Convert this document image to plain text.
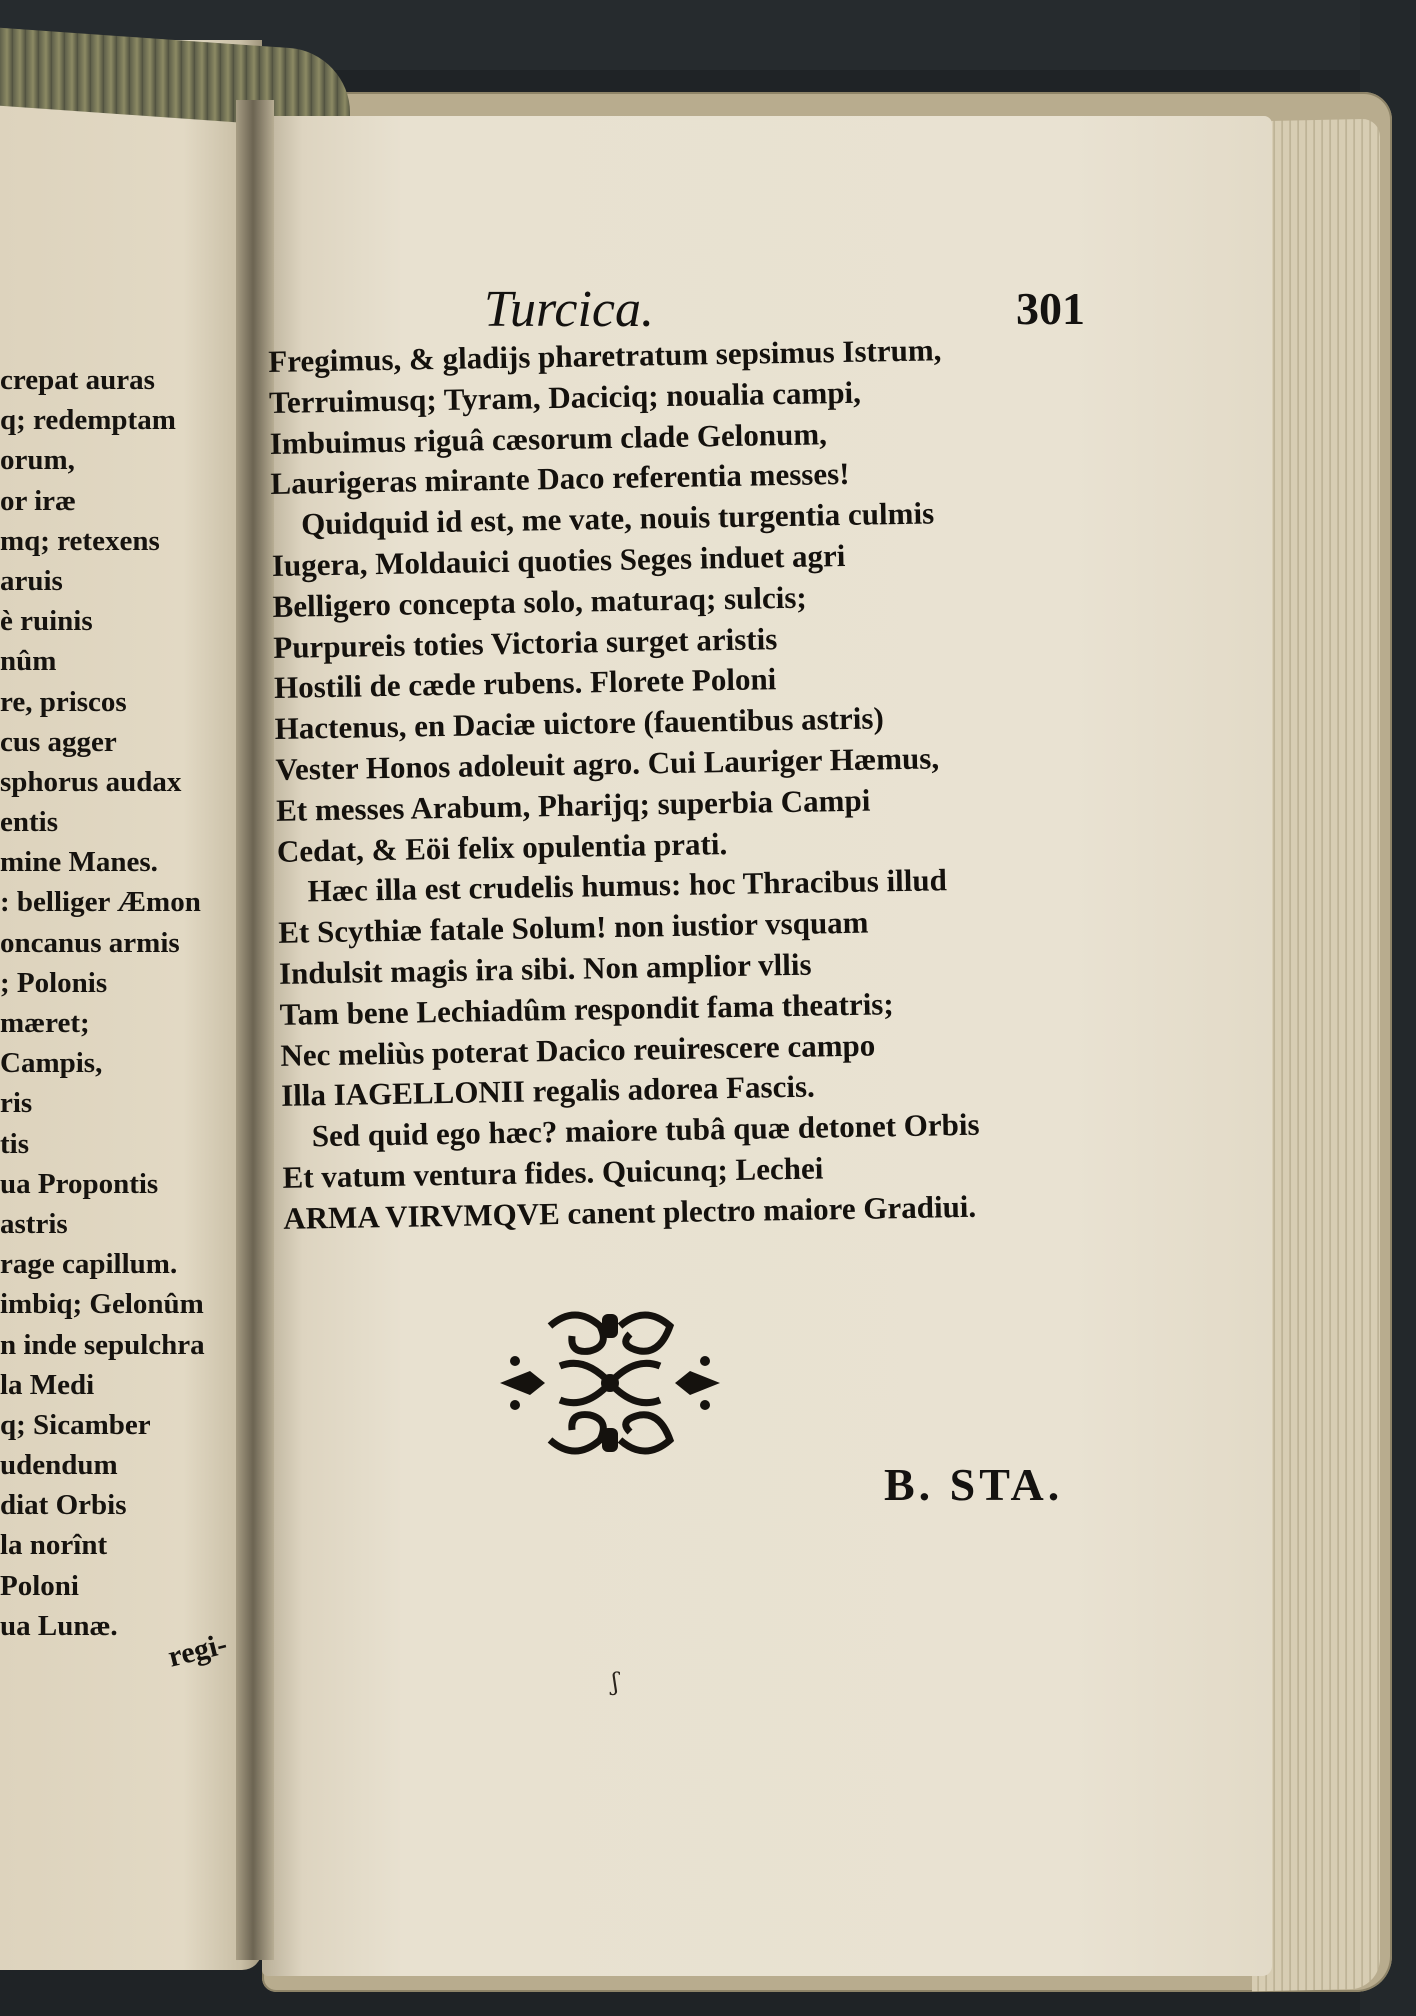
crepat auras
q; redemptam
orum,
or iræ
mq; retexens
aruis
è ruinis
nûm
re, priscos
cus agger
sphorus audax
entis
mine Manes.
: belliger Æmon
oncanus armis
; Polonis
mæret;
Campis,
ris
tis
ua Propontis
astris
rage capillum.
imbiq; Gelonûm
n inde sepulchra
la Medi
q; Sicamber
udendum
diat Orbis
la norînt
Poloni
ua Lunæ.
regi-
Turcica.	301
Fregimus, & gladijs pharetratum sepsimus Istrum,
Terruimusq; Tyram, Daciciq; noualia campi,
Imbuimus riguâ cæsorum clade Gelonum,
Laurigeras mirante Daco referentia messes!
Quidquid id est, me vate, nouis turgentia culmis
Iugera, Moldauici quoties Seges induet agri
Belligero concepta solo, maturaq; sulcis;
Purpureis toties Victoria surget aristis
Hostili de cæde rubens. Florete Poloni
Hactenus, en Daciæ uictore (fauentibus astris)
Vester Honos adoleuit agro. Cui Lauriger Hæmus,
Et messes Arabum, Pharijq; superbia Campi
Cedat, & Eöi felix opulentia prati.
Hæc illa est crudelis humus: hoc Thracibus illud
Et Scythiæ fatale Solum! non iustior vsquam
Indulsit magis ira sibi. Non amplior vllis
Tam bene Lechiadûm respondit fama theatris;
Nec meliùs poterat Dacico reuirescere campo
Illa IAGELLONII regalis adorea Fascis.
Sed quid ego hæc? maiore tubâ quæ detonet Orbis
Et vatum ventura fides. Quicunq; Lechei
ARMA VIRVMQVE canent plectro maiore Gradiui.
B. STA.
ʃ
